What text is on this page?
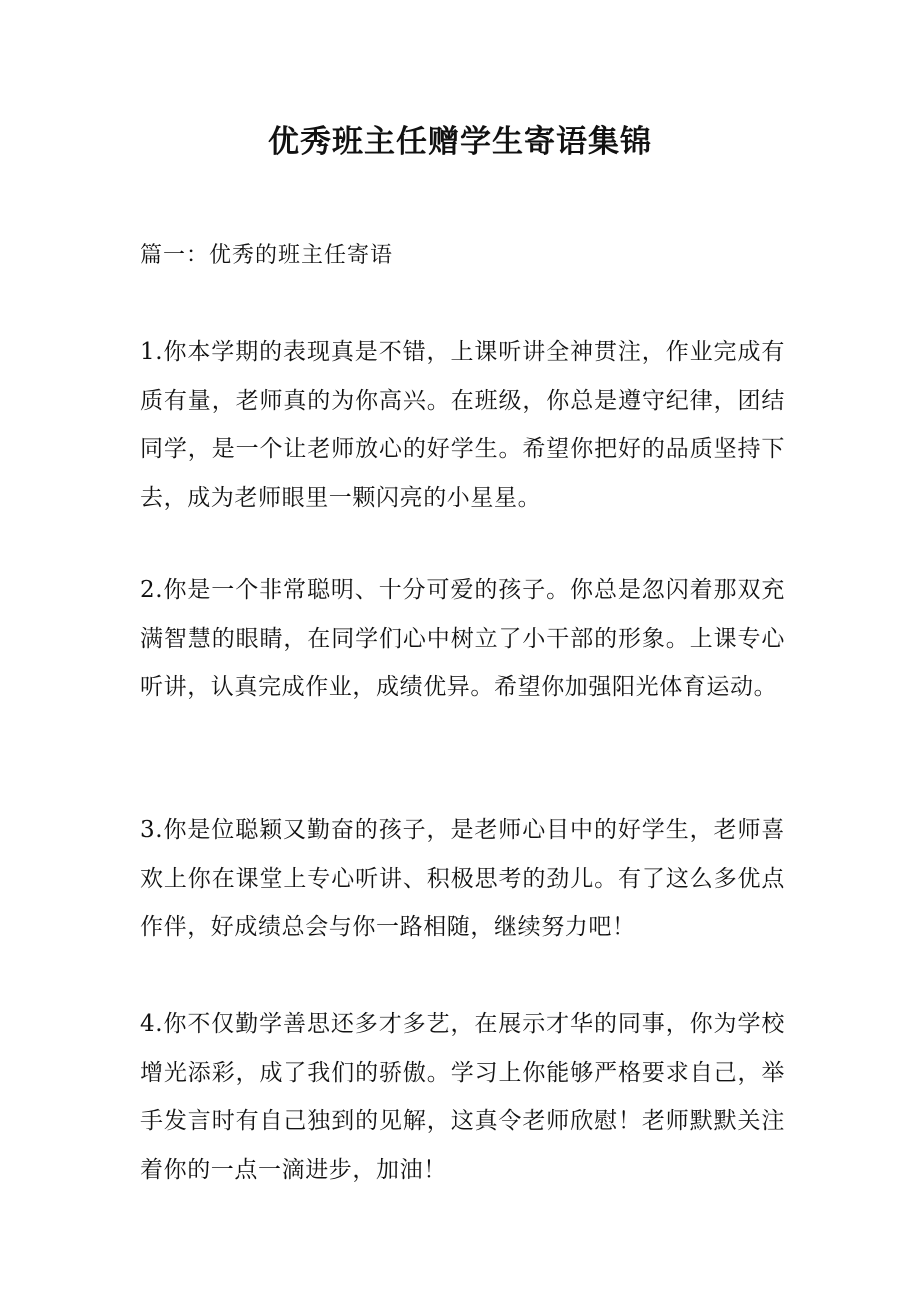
优秀班主任赠学生寄语集锦

篇一：优秀的班主任寄语

1.你本学期的表现真是不错，上课听讲全神贯注，作业完成有质有量，老师真的为你高兴。在班级，你总是遵守纪律，团结同学，是一个让老师放心的好学生。希望你把好的品质坚持下去，成为老师眼里一颗闪亮的小星星。

2.你是一个非常聪明、十分可爱的孩子。你总是忽闪着那双充满智慧的眼睛，在同学们心中树立了小干部的形象。上课专心听讲，认真完成作业，成绩优异。希望你加强阳光体育运动。

3.你是位聪颖又勤奋的孩子，是老师心目中的好学生，老师喜欢上你在课堂上专心听讲、积极思考的劲儿。有了这么多优点作伴，好成绩总会与你一路相随，继续努力吧！

4.你不仅勤学善思还多才多艺，在展示才华的同事，你为学校增光添彩，成了我们的骄傲。学习上你能够严格要求自己，举手发言时有自己独到的见解，这真令老师欣慰！老师默默关注着你的一点一滴进步，加油！
